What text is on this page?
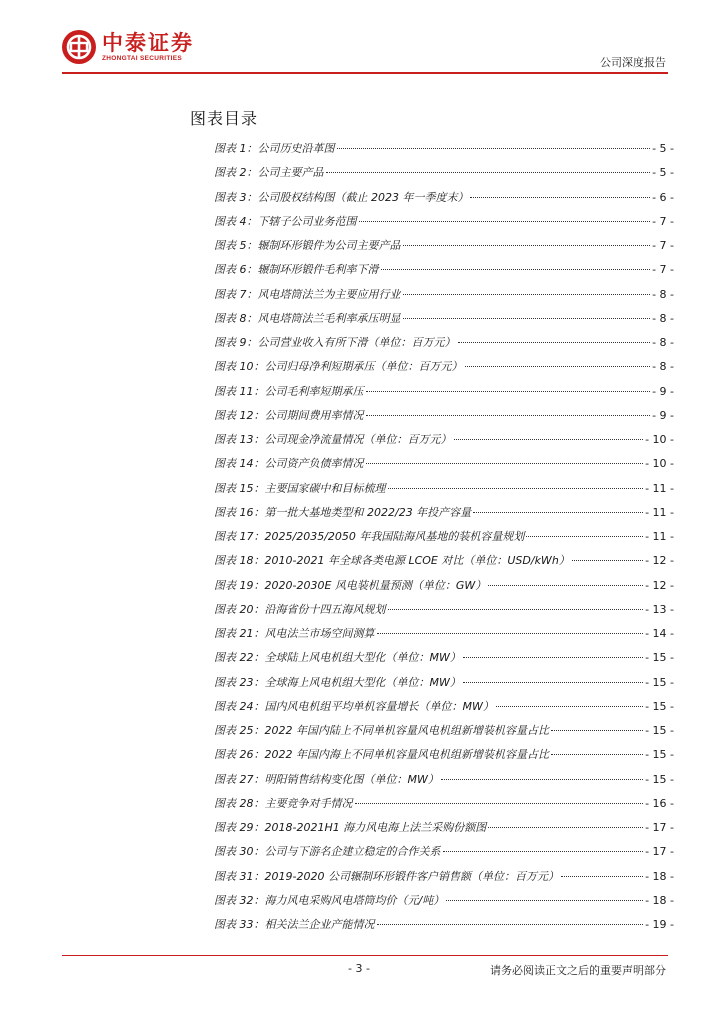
中泰证券
ZHONGTAI SECURITIES	公司深度报告
图表目录
图表 1：公司历史沿革图	- 5 -
图表 2：公司主要产品	- 5 -
图表 3：公司股权结构图（截止 2023 年一季度末）	- 6 -
图表 4：下辖子公司业务范围	- 7 -
图表 5：辗制环形锻件为公司主要产品	- 7 -
图表 6：辗制环形锻件毛利率下滑	- 7 -
图表 7：风电塔筒法兰为主要应用行业	- 8 -
图表 8：风电塔筒法兰毛利率承压明显	- 8 -
图表 9：公司营业收入有所下滑（单位：百万元）	- 8 -
图表 10：公司归母净利短期承压（单位：百万元）	- 8 -
图表 11：公司毛利率短期承压	- 9 -
图表 12：公司期间费用率情况	- 9 -
图表 13：公司现金净流量情况（单位：百万元）	- 10 -
图表 14：公司资产负债率情况	- 10 -
图表 15：主要国家碳中和目标梳理	- 11 -
图表 16：第一批大基地类型和 2022/23 年投产容量	- 11 -
图表 17：2025/2035/2050 年我国陆海风基地的装机容量规划	- 11 -
图表 18：2010-2021 年全球各类电源 LCOE 对比（单位：USD/kWh）	- 12 -
图表 19：2020-2030E 风电装机量预测（单位：GW）	- 12 -
图表 20：沿海省份十四五海风规划	- 13 -
图表 21：风电法兰市场空间测算	- 14 -
图表 22：全球陆上风电机组大型化（单位：MW）	- 15 -
图表 23：全球海上风电机组大型化（单位：MW）	- 15 -
图表 24：国内风电机组平均单机容量增长（单位：MW）	- 15 -
图表 25：2022 年国内陆上不同单机容量风电机组新增装机容量占比	- 15 -
图表 26：2022 年国内海上不同单机容量风电机组新增装机容量占比	- 15 -
图表 27：明阳销售结构变化图（单位：MW）	- 15 -
图表 28：主要竞争对手情况	- 16 -
图表 29：2018-2021H1 海力风电海上法兰采购份额图	- 17 -
图表 30：公司与下游名企建立稳定的合作关系	- 17 -
图表 31：2019-2020 公司辗制环形锻件客户销售额（单位：百万元）	- 18 -
图表 32：海力风电采购风电塔筒均价（元/吨）	- 18 -
图表 33：相关法兰企业产能情况	- 19 -
- 3 -	请务必阅读正文之后的重要声明部分
